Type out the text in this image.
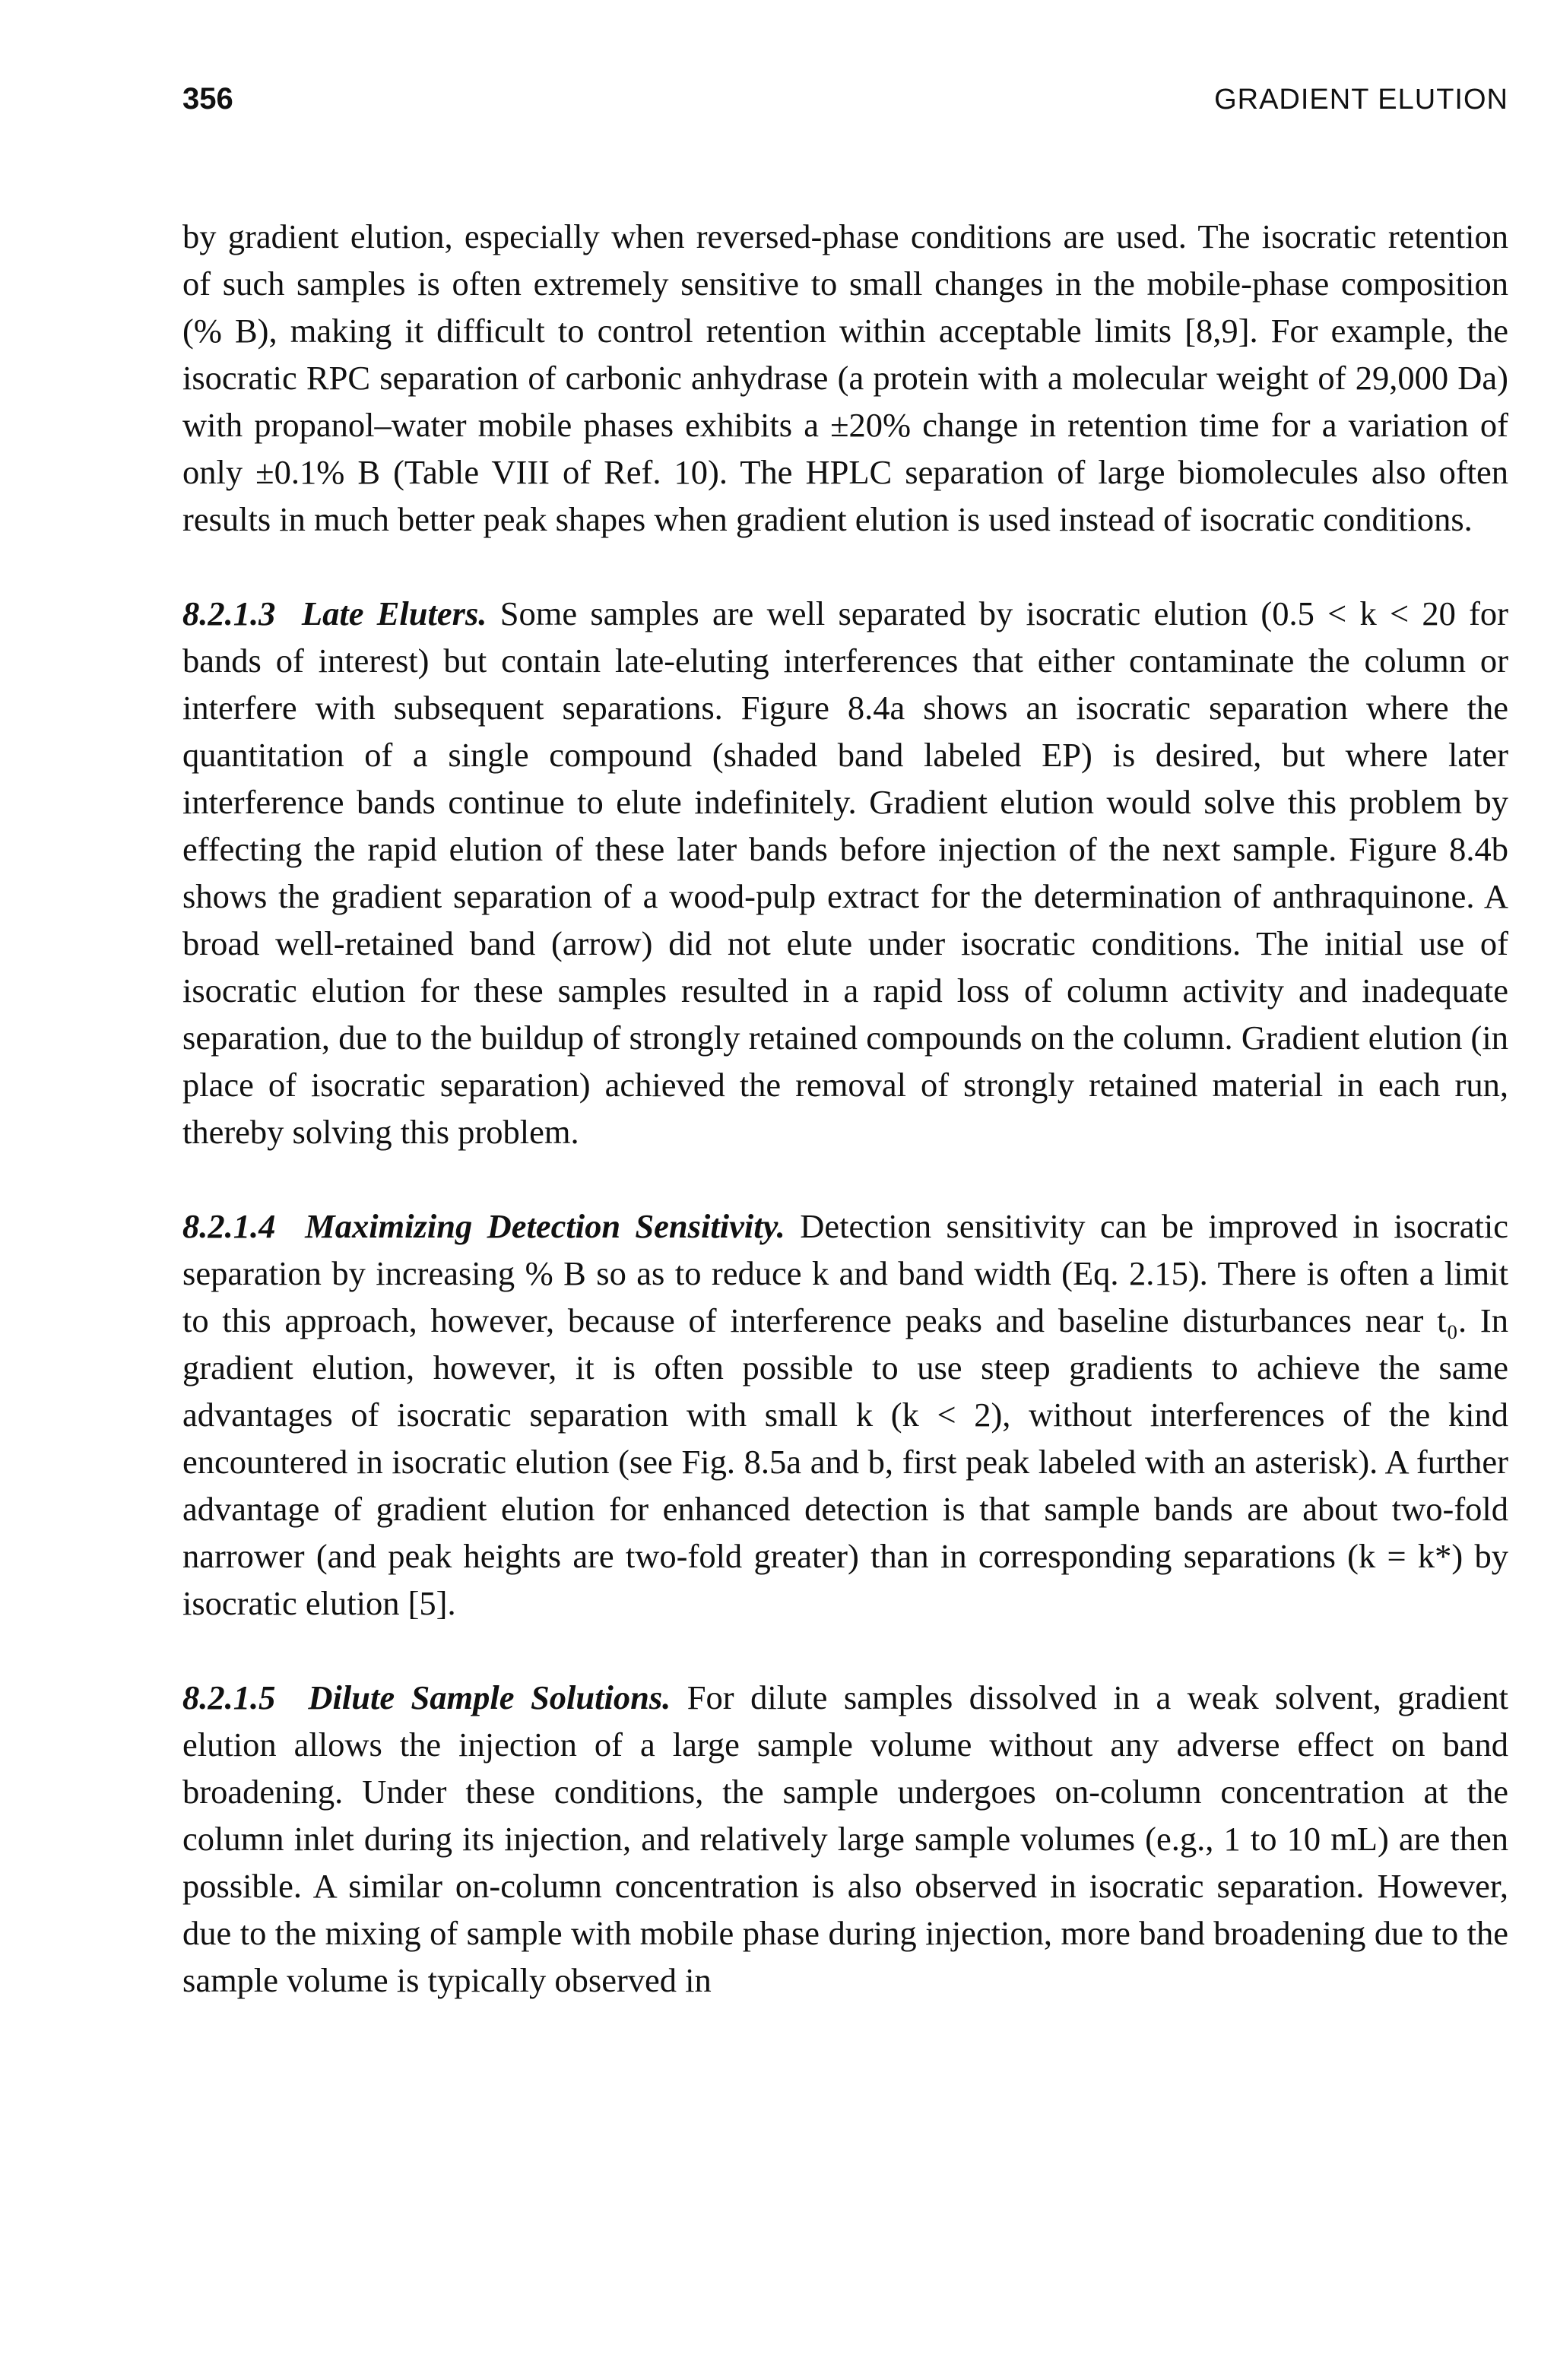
356	GRADIENT ELUTION

by gradient elution, especially when reversed-phase conditions are used. The isocratic retention of such samples is often extremely sensitive to small changes in the mobile-phase composition (% B), making it difficult to control retention within acceptable limits [8,9]. For example, the isocratic RPC separation of carbonic anhydrase (a protein with a molecular weight of 29,000 Da) with propanol–water mobile phases exhibits a ±20% change in retention time for a variation of only ±0.1% B (Table VIII of Ref. 10). The HPLC separation of large biomolecules also often results in much better peak shapes when gradient elution is used instead of isocratic conditions.

8.2.1.3 Late Eluters. Some samples are well separated by isocratic elution (0.5 < k < 20 for bands of interest) but contain late-eluting interferences that either contaminate the column or interfere with subsequent separations. Figure 8.4a shows an isocratic separation where the quantitation of a single compound (shaded band labeled EP) is desired, but where later interference bands continue to elute indefinitely. Gradient elution would solve this problem by effecting the rapid elution of these later bands before injection of the next sample. Figure 8.4b shows the gradient separation of a wood-pulp extract for the determination of anthraquinone. A broad well-retained band (arrow) did not elute under isocratic conditions. The initial use of isocratic elution for these samples resulted in a rapid loss of column activity and inadequate separation, due to the buildup of strongly retained compounds on the column. Gradient elution (in place of isocratic separation) achieved the removal of strongly retained material in each run, thereby solving this problem.

8.2.1.4 Maximizing Detection Sensitivity. Detection sensitivity can be improved in isocratic separation by increasing % B so as to reduce k and band width (Eq. 2.15). There is often a limit to this approach, however, because of interference peaks and baseline disturbances near t₀. In gradient elution, however, it is often possible to use steep gradients to achieve the same advantages of isocratic separation with small k (k < 2), without interferences of the kind encountered in isocratic elution (see Fig. 8.5a and b, first peak labeled with an asterisk). A further advantage of gradient elution for enhanced detection is that sample bands are about two-fold narrower (and peak heights are two-fold greater) than in corresponding separations (k = k*) by isocratic elution [5].

8.2.1.5 Dilute Sample Solutions. For dilute samples dissolved in a weak solvent, gradient elution allows the injection of a large sample volume without any adverse effect on band broadening. Under these conditions, the sample undergoes on-column concentration at the column inlet during its injection, and relatively large sample volumes (e.g., 1 to 10 mL) are then possible. A similar on-column concentration is also observed in isocratic separation. However, due to the mixing of sample with mobile phase during injection, more band broadening due to the sample volume is typically observed in
